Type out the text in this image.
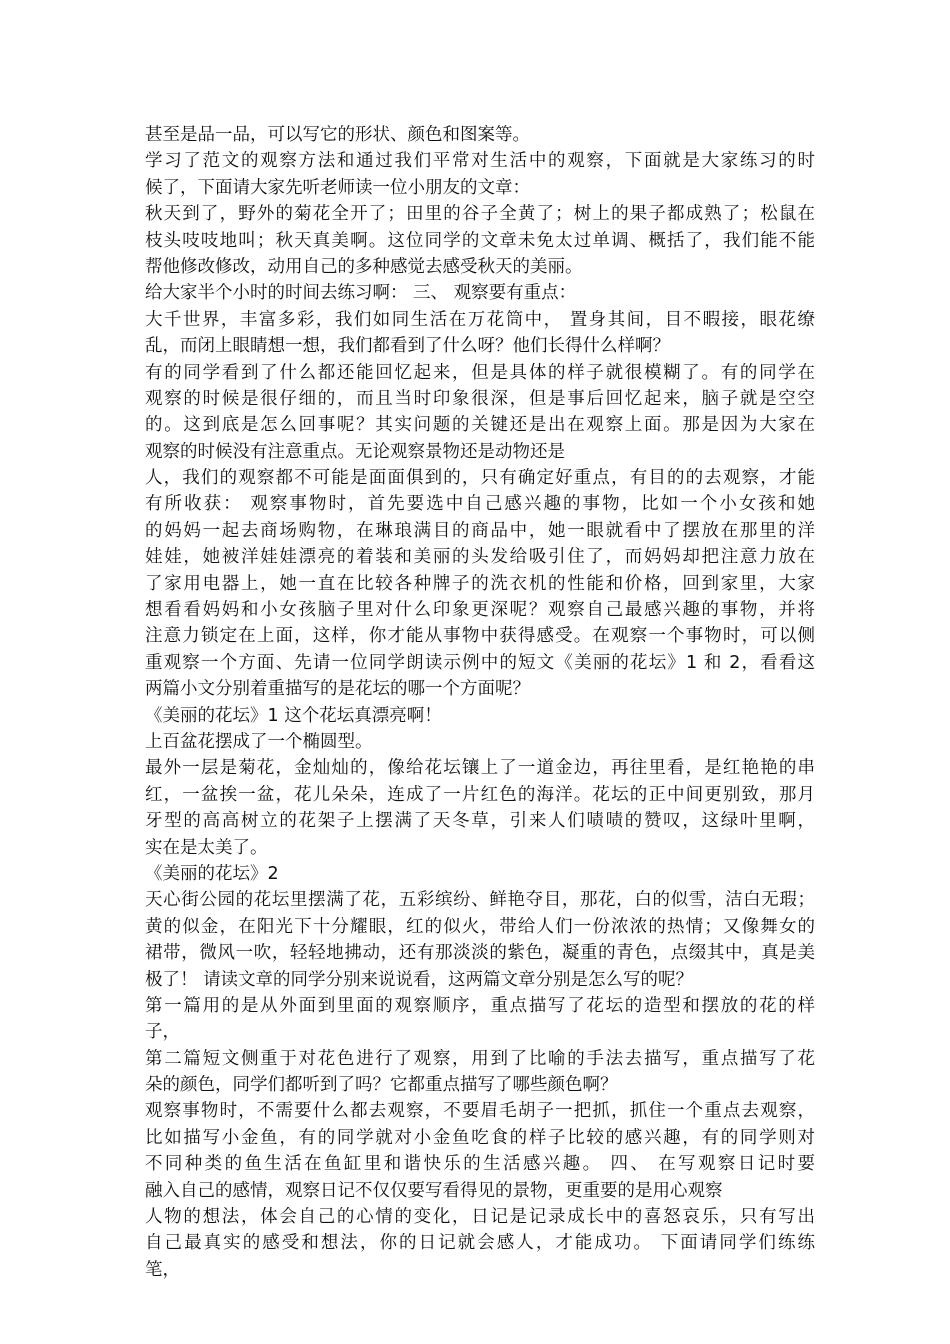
甚至是品一品，可以写它的形状、颜色和图案等。
学习了范文的观察方法和通过我们平常对生活中的观察，下面就是大家练习的时
候了，下面请大家先听老师读一位小朋友的文章：
秋天到了，野外的菊花全开了；田里的谷子全黄了；树上的果子都成熟了；松鼠在
枝头吱吱地叫；秋天真美啊。这位同学的文章未免太过单调、概括了，我们能不能
帮他修改修改，动用自己的多种感觉去感受秋天的美丽。
给大家半个小时的时间去练习啊： 三、 观察要有重点：
大千世界，丰富多彩，我们如同生活在万花筒中， 置身其间，目不暇接，眼花缭
乱，而闭上眼睛想一想，我们都看到了什么呀？他们长得什么样啊？
有的同学看到了什么都还能回忆起来，但是具体的样子就很模糊了。有的同学在
观察的时候是很仔细的，而且当时印象很深，但是事后回忆起来，脑子就是空空
的。这到底是怎么回事呢？其实问题的关键还是出在观察上面。那是因为大家在
观察的时候没有注意重点。无论观察景物还是动物还是
人，我们的观察都不可能是面面俱到的，只有确定好重点，有目的的去观察，才能
有所收获： 观察事物时，首先要选中自己感兴趣的事物，比如一个小女孩和她
的妈妈一起去商场购物，在琳琅满目的商品中，她一眼就看中了摆放在那里的洋
娃娃，她被洋娃娃漂亮的着装和美丽的头发给吸引住了，而妈妈却把注意力放在
了家用电器上，她一直在比较各种牌子的洗衣机的性能和价格，回到家里，大家
想看看妈妈和小女孩脑子里对什么印象更深呢？观察自己最感兴趣的事物，并将
注意力锁定在上面，这样，你才能从事物中获得感受。在观察一个事物时，可以侧
重观察一个方面、先请一位同学朗读示例中的短文《美丽的花坛》1 和 2，看看这
两篇小文分别着重描写的是花坛的哪一个方面呢？
《美丽的花坛》1 这个花坛真漂亮啊！
上百盆花摆成了一个椭圆型。
最外一层是菊花，金灿灿的，像给花坛镶上了一道金边，再往里看，是红艳艳的串
红，一盆挨一盆，花儿朵朵，连成了一片红色的海洋。花坛的正中间更别致，那月
牙型的高高树立的花架子上摆满了天冬草，引来人们啧啧的赞叹，这绿叶里啊，
实在是太美了。
《美丽的花坛》2
天心街公园的花坛里摆满了花，五彩缤纷、鲜艳夺目，那花，白的似雪，洁白无瑕；
黄的似金，在阳光下十分耀眼，红的似火，带给人们一份浓浓的热情；又像舞女的
裙带，微风一吹，轻轻地拂动，还有那淡淡的紫色，凝重的青色，点缀其中，真是美
极了！ 请读文章的同学分别来说说看，这两篇文章分别是怎么写的呢？
第一篇用的是从外面到里面的观察顺序，重点描写了花坛的造型和摆放的花的样
子，
第二篇短文侧重于对花色进行了观察，用到了比喻的手法去描写，重点描写了花
朵的颜色，同学们都听到了吗？它都重点描写了哪些颜色啊？
观察事物时，不需要什么都去观察，不要眉毛胡子一把抓，抓住一个重点去观察，
比如描写小金鱼，有的同学就对小金鱼吃食的样子比较的感兴趣，有的同学则对
不同种类的鱼生活在鱼缸里和谐快乐的生活感兴趣。 四、 在写观察日记时要
融入自己的感情，观察日记不仅仅要写看得见的景物，更重要的是用心观察
人物的想法，体会自己的心情的变化，日记是记录成长中的喜怒哀乐，只有写出
自己最真实的感受和想法，你的日记就会感人，才能成功。 下面请同学们练练
笔，
